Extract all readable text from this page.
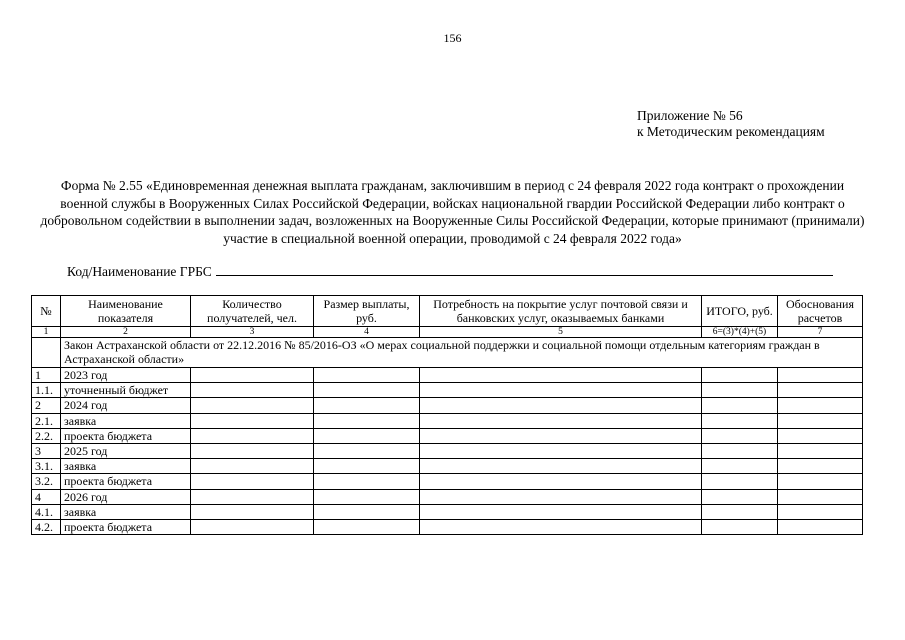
156
Приложение № 56
к Методическим рекомендациям
Форма № 2.55 «Единовременная денежная выплата гражданам, заключившим в период с 24 февраля 2022 года контракт о прохождении военной службы в Вооруженных Силах Российской Федерации, войсках национальной гвардии Российской Федерации либо контракт о добровольном содействии в выполнении задач, возложенных на Вооруженные Силы Российской Федерации, которые принимают (принимали) участие в специальной военной операции, проводимой с 24 февраля 2022 года»
Код/Наименование ГРБС
№	Наименование показателя	Количество получателей, чел.	Размер выплаты, руб.	Потребность на покрытие услуг почтовой связи и банковских услуг, оказываемых банками	ИТОГО, руб.	Обоснования расчетов
1	2	3	4	5	6=(3)*(4)+(5)	7
	Закон Астраханской области от 22.12.2016 № 85/2016-ОЗ «О мерах социальной поддержки и социальной помощи отдельным категориям граждан в Астраханской области»					
1	2023 год					
1.1.	уточненный бюджет					
2	2024 год					
2.1.	заявка					
2.2.	проекта бюджета					
3	2025 год					
3.1.	заявка					
3.2.	проекта бюджета					
4	2026 год					
4.1.	заявка					
4.2.	проекта бюджета					
